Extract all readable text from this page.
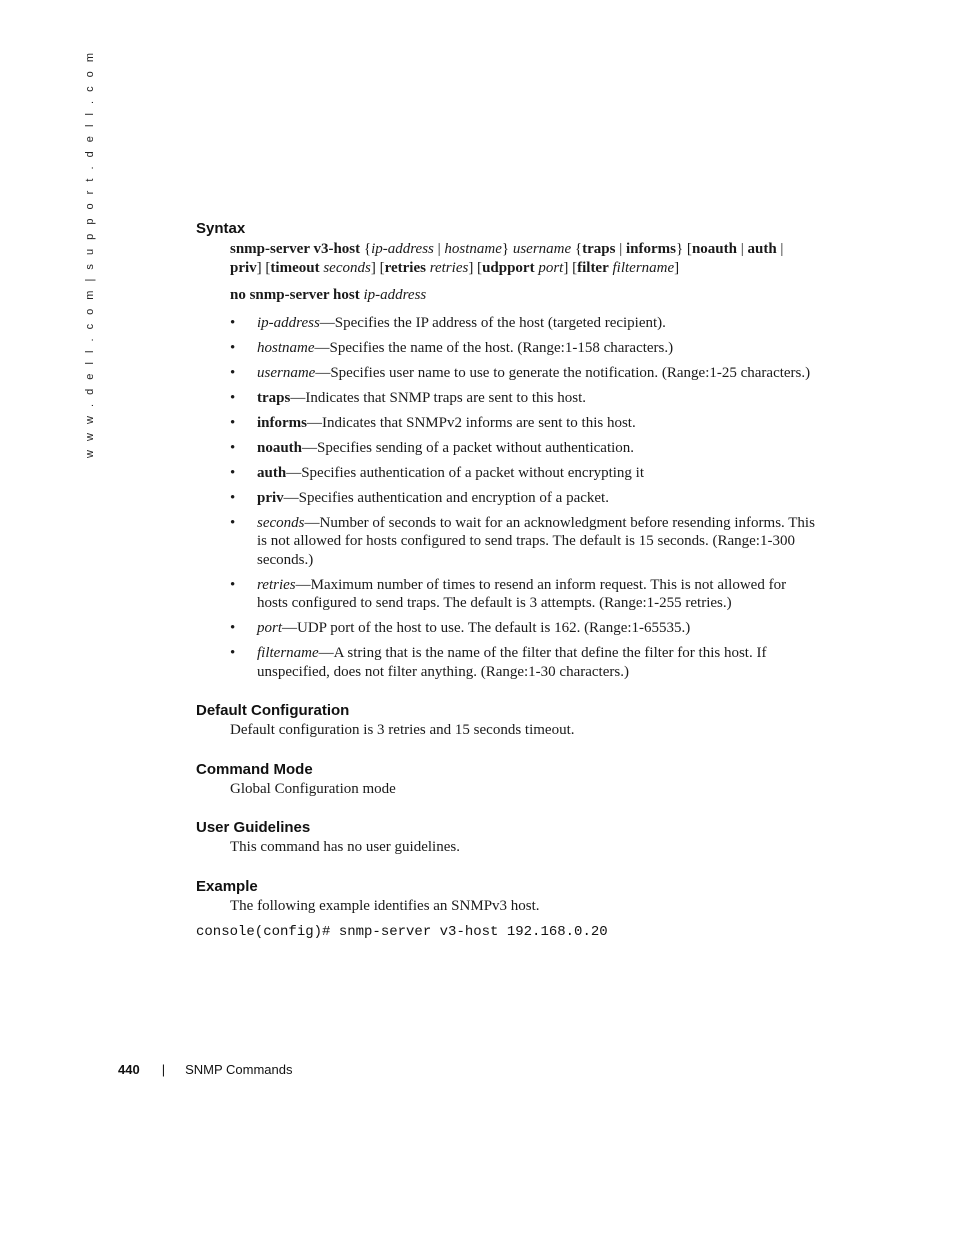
w w w . d e l l . c o m | s u p p o r t . d e l l . c o m	Syntax

snmp-server v3-host {ip-address | hostname} username {traps | informs} [noauth | auth | priv] [timeout seconds] [retries retries] [udpport port] [filter filtername]

no snmp-server host ip-address

• ip-address—Specifies the IP address of the host (targeted recipient).
• hostname—Specifies the name of the host. (Range:1-158 characters.)
• username—Specifies user name to use to generate the notification. (Range:1-25 characters.)
• traps—Indicates that SNMP traps are sent to this host.
• informs—Indicates that SNMPv2 informs are sent to this host.
• noauth—Specifies sending of a packet without authentication.
• auth—Specifies authentication of a packet without encrypting it
• priv—Specifies authentication and encryption of a packet.
• seconds—Number of seconds to wait for an acknowledgment before resending informs. This is not allowed for hosts configured to send traps. The default is 15 seconds. (Range:1-300 seconds.)
• retries—Maximum number of times to resend an inform request. This is not allowed for hosts configured to send traps. The default is 3 attempts. (Range:1-255 retries.)
• port—UDP port of the host to use. The default is 162. (Range:1-65535.)
• filtername—A string that is the name of the filter that define the filter for this host. If unspecified, does not filter anything. (Range:1-30 characters.)
Default Configuration

Default configuration is 3 retries and 15 seconds timeout.

Command Mode

Global Configuration mode

User Guidelines

This command has no user guidelines.

Example

The following example identifies an SNMPv3 host.

console(config)# snmp-server v3-host 192.168.0.20
440 | SNMP Commands
